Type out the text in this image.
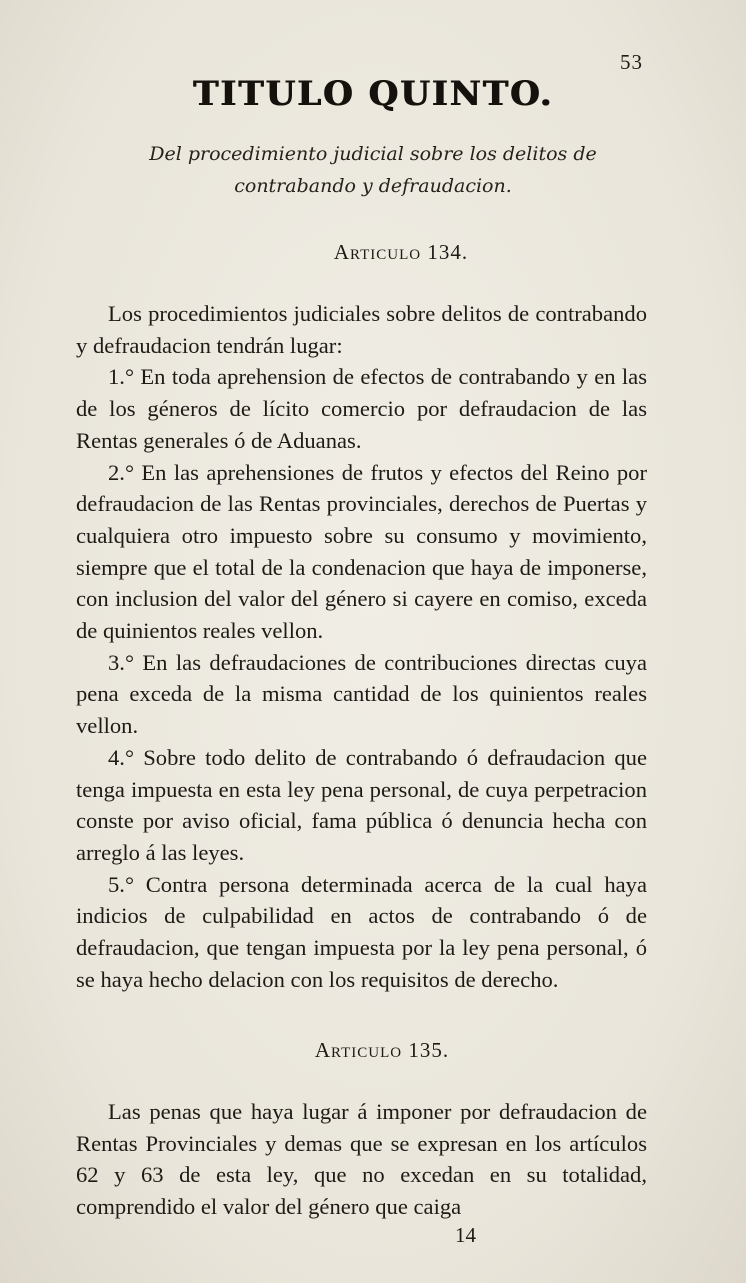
53
TITULO QUINTO.
Del procedimiento judicial sobre los delitos de contrabando y defraudacion.
Articulo 134.

Los procedimientos judiciales sobre delitos de contrabando y defraudacion tendrán lugar:

1.° En toda aprehension de efectos de contrabando y en las de los géneros de lícito comercio por defraudacion de las Rentas generales ó de Aduanas.

2.° En las aprehensiones de frutos y efectos del Reino por defraudacion de las Rentas provinciales, derechos de Puertas y cualquiera otro impuesto sobre su consumo y movimiento, siempre que el total de la condenacion que haya de imponerse, con inclusion del valor del género si cayere en comiso, exceda de quinientos reales vellon.

3.° En las defraudaciones de contribuciones directas cuya pena exceda de la misma cantidad de los quinientos reales vellon.

4.° Sobre todo delito de contrabando ó defraudacion que tenga impuesta en esta ley pena personal, de cuya perpetracion conste por aviso oficial, fama pública ó denuncia hecha con arreglo á las leyes.

5.° Contra persona determinada acerca de la cual haya indicios de culpabilidad en actos de contrabando ó de defraudacion, que tengan impuesta por la ley pena personal, ó se haya hecho delacion con los requisitos de derecho.

Articulo 135.

Las penas que haya lugar á imponer por defraudacion de Rentas Provinciales y demas que se expresan en los artículos 62 y 63 de esta ley, que no excedan en su totalidad, comprendido el valor del género que caiga

14
